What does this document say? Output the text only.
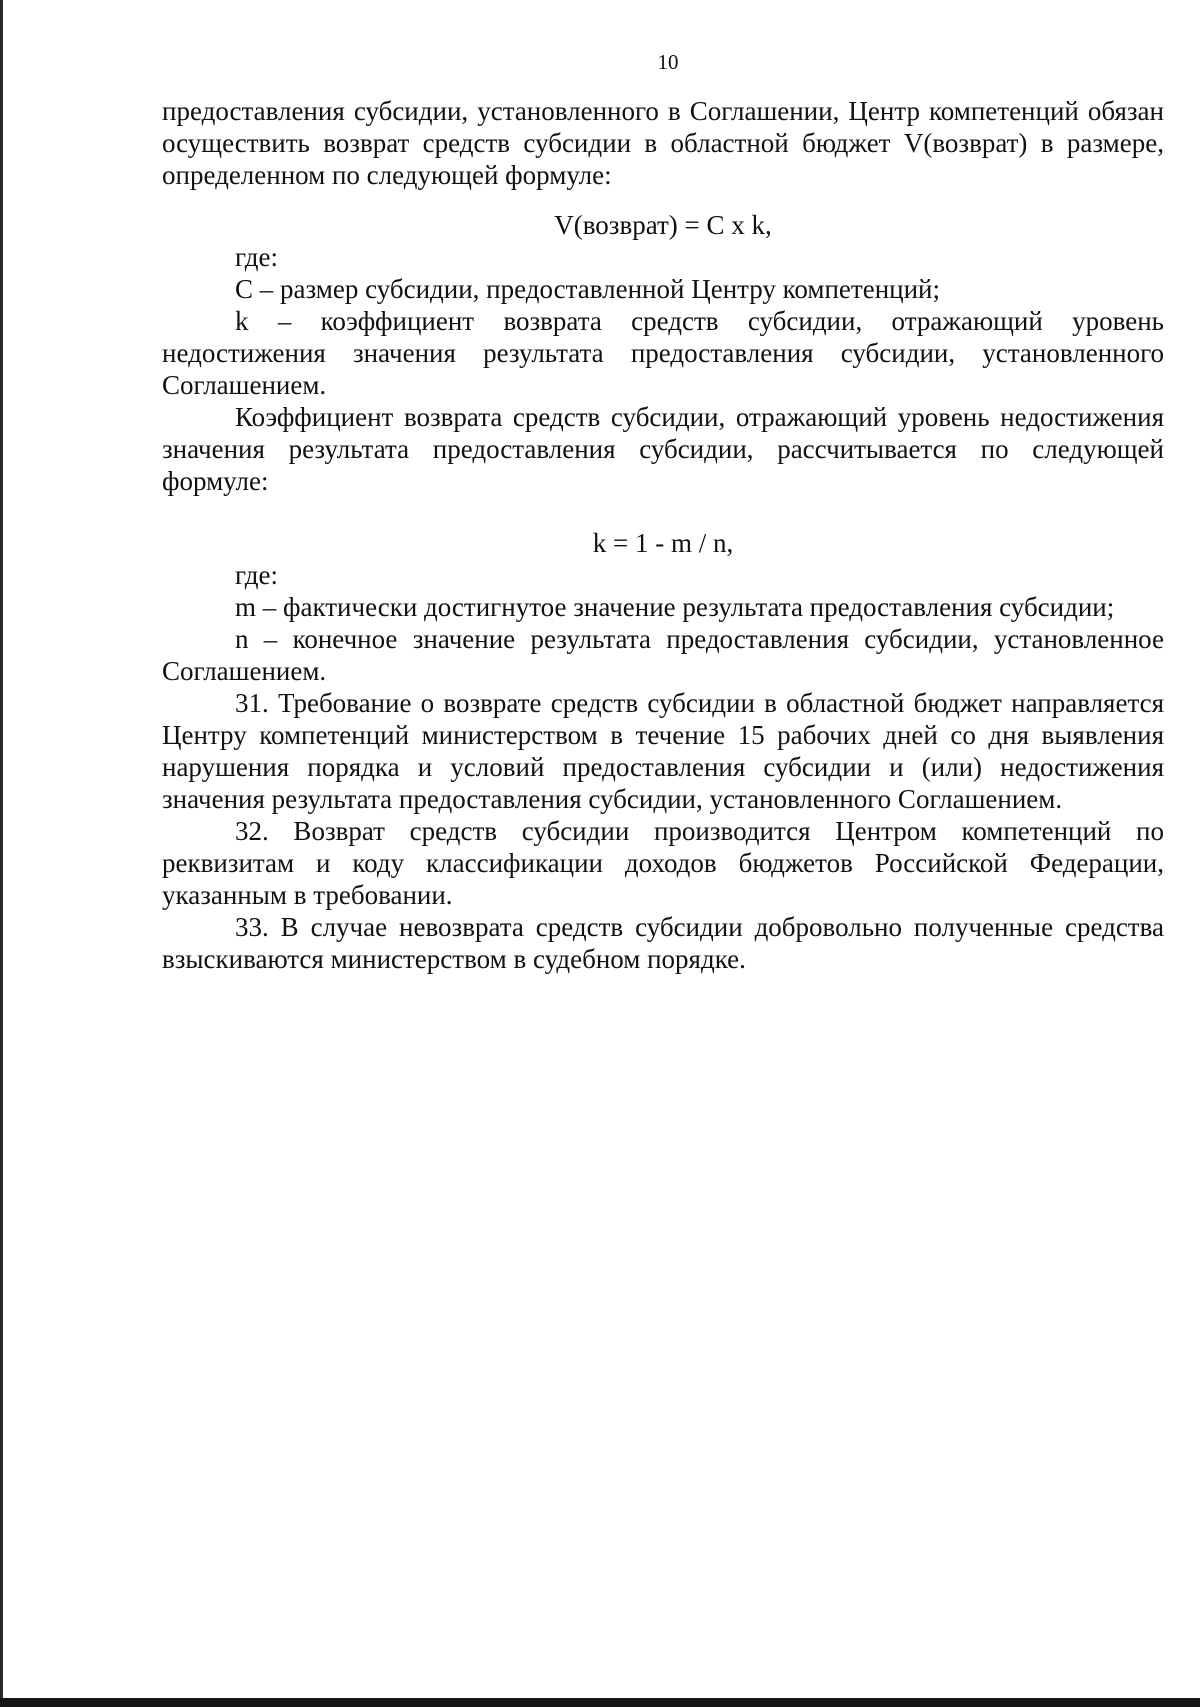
10

предоставления субсидии, установленного в Соглашении, Центр компетенций обязан осуществить возврат средств субсидии в областной бюджет V(возврат) в размере, определенном по следующей формуле:

V(возврат) = C x k,

где:

C – размер субсидии, предоставленной Центру компетенций;

k – коэффициент возврата средств субсидии, отражающий уровень недостижения значения результата предоставления субсидии, установленного Соглашением.

Коэффициент возврата средств субсидии, отражающий уровень недостижения значения результата предоставления субсидии, рассчитывается по следующей формуле:

k = 1 - m / n,

где:

m – фактически достигнутое значение результата предоставления субсидии;

n – конечное значение результата предоставления субсидии, установленное Соглашением.

31. Требование о возврате средств субсидии в областной бюджет направляется Центру компетенций министерством в течение 15 рабочих дней со дня выявления нарушения порядка и условий предоставления субсидии и (или) недостижения значения результата предоставления субсидии, установленного Соглашением.

32. Возврат средств субсидии производится Центром компетенций по реквизитам и коду классификации доходов бюджетов Российской Федерации, указанным в требовании.

33. В случае невозврата средств субсидии добровольно полученные средства взыскиваются министерством в судебном порядке.
